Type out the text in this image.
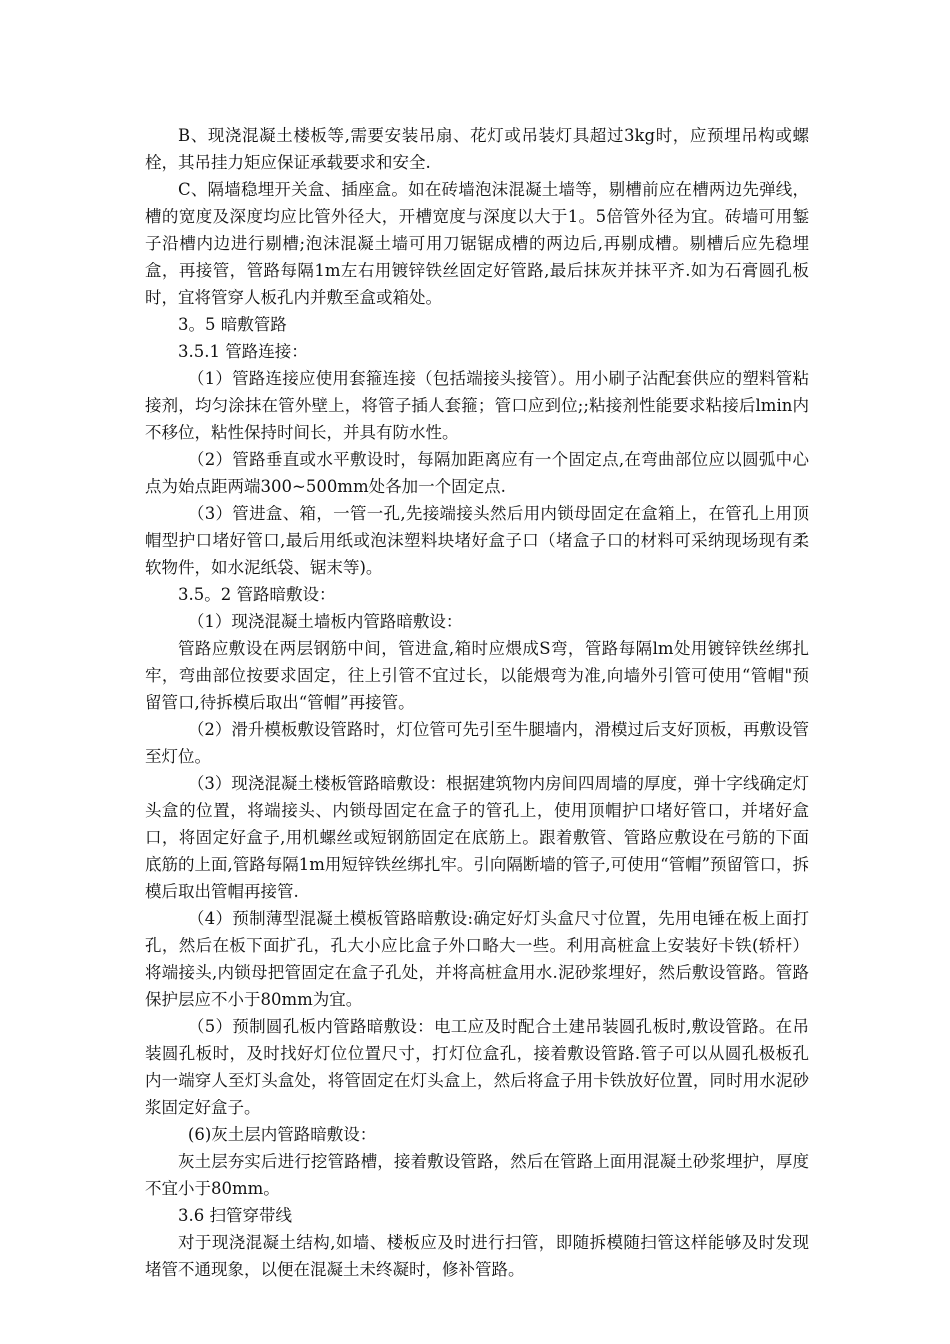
B、现浇混凝土楼板等,需要安装吊扇、花灯或吊装灯具超过3kg时，应预埋吊构或螺栓，其吊挂力矩应保证承载要求和安全.

C、隔墙稳埋开关盒、插座盒。如在砖墙泡沫混凝土墙等，剔槽前应在槽两边先弹线，槽的宽度及深度均应比管外径大，开槽宽度与深度以大于1。5倍管外径为宜。砖墙可用錾子沿槽内边进行剔槽;泡沫混凝土墙可用刀锯锯成槽的两边后,再剔成槽。剔槽后应先稳埋盒，再接管，管路每隔1m左右用镀锌铁丝固定好管路,最后抹灰并抹平齐.如为石膏圆孔板时，宜将管穿人板孔内并敷至盒或箱处。

3。5 暗敷管路

3.5.1 管路连接：

（1）管路连接应使用套箍连接（包括端接头接管）。用小刷子沾配套供应的塑料管粘接剂，均匀涂抹在管外壁上，将管子插人套箍；管口应到位;;粘接剂性能要求粘接后lmin内不移位，粘性保持时间长，并具有防水性。

（2）管路垂直或水平敷设时，每隔加距离应有一个固定点,在弯曲部位应以圆弧中心点为始点距两端300~500mm处各加一个固定点.

（3）管进盒、箱，一管一孔,先接端接头然后用内锁母固定在盒箱上，在管孔上用顶帽型护口堵好管口,最后用纸或泡沫塑料块堵好盒子口（堵盒子口的材料可采纳现场现有柔软物件，如水泥纸袋、锯末等)。

3.5。2 管路暗敷设：

（1）现浇混凝土墙板内管路暗敷设：

管路应敷设在两层钢筋中间，管进盒,箱时应煨成S弯，管路每隔lm处用镀锌铁丝绑扎牢，弯曲部位按要求固定，往上引管不宜过长，以能煨弯为准,向墙外引管可使用“管帽"预留管口,待拆模后取出“管帽”再接管。

（2）滑升模板敷设管路时，灯位管可先引至牛腿墙内，滑模过后支好顶板，再敷设管至灯位。

（3）现浇混凝土楼板管路暗敷设：根据建筑物内房间四周墙的厚度，弹十字线确定灯头盒的位置，将端接头、内锁母固定在盒子的管孔上，使用顶帽护口堵好管口，并堵好盒口，将固定好盒子,用机螺丝或短钢筋固定在底筋上。跟着敷管、管路应敷设在弓筋的下面底筋的上面,管路每隔1m用短锌铁丝绑扎牢。引向隔断墙的管子,可使用“管帽”预留管口，拆模后取出管帽再接管.

（4）预制薄型混凝土模板管路暗敷设:确定好灯头盒尺寸位置，先用电锤在板上面打孔，然后在板下面扩孔，孔大小应比盒子外口略大一些。利用高桩盒上安装好卡铁(轿杆）将端接头,内锁母把管固定在盒子孔处，并将高桩盒用水.泥砂浆埋好，然后敷设管路。管路保护层应不小于80mm为宜。

（5）预制圆孔板内管路暗敷设：电工应及时配合土建吊装圆孔板时,敷设管路。在吊装圆孔板时，及时找好灯位位置尺寸，打灯位盒孔，接着敷设管路.管子可以从圆孔极板孔内一端穿人至灯头盒处，将管固定在灯头盒上，然后将盒子用卡铁放好位置，同时用水泥砂浆固定好盒子。

(6)灰土层内管路暗敷设：

灰土层夯实后进行挖管路槽，接着敷设管路，然后在管路上面用混凝土砂浆埋护，厚度不宜小于80mm。

3.6 扫管穿带线

对于现浇混凝土结构,如墙、楼板应及时进行扫管，即随拆模随扫管这样能够及时发现堵管不通现象，以便在混凝土未终凝时，修补管路。
